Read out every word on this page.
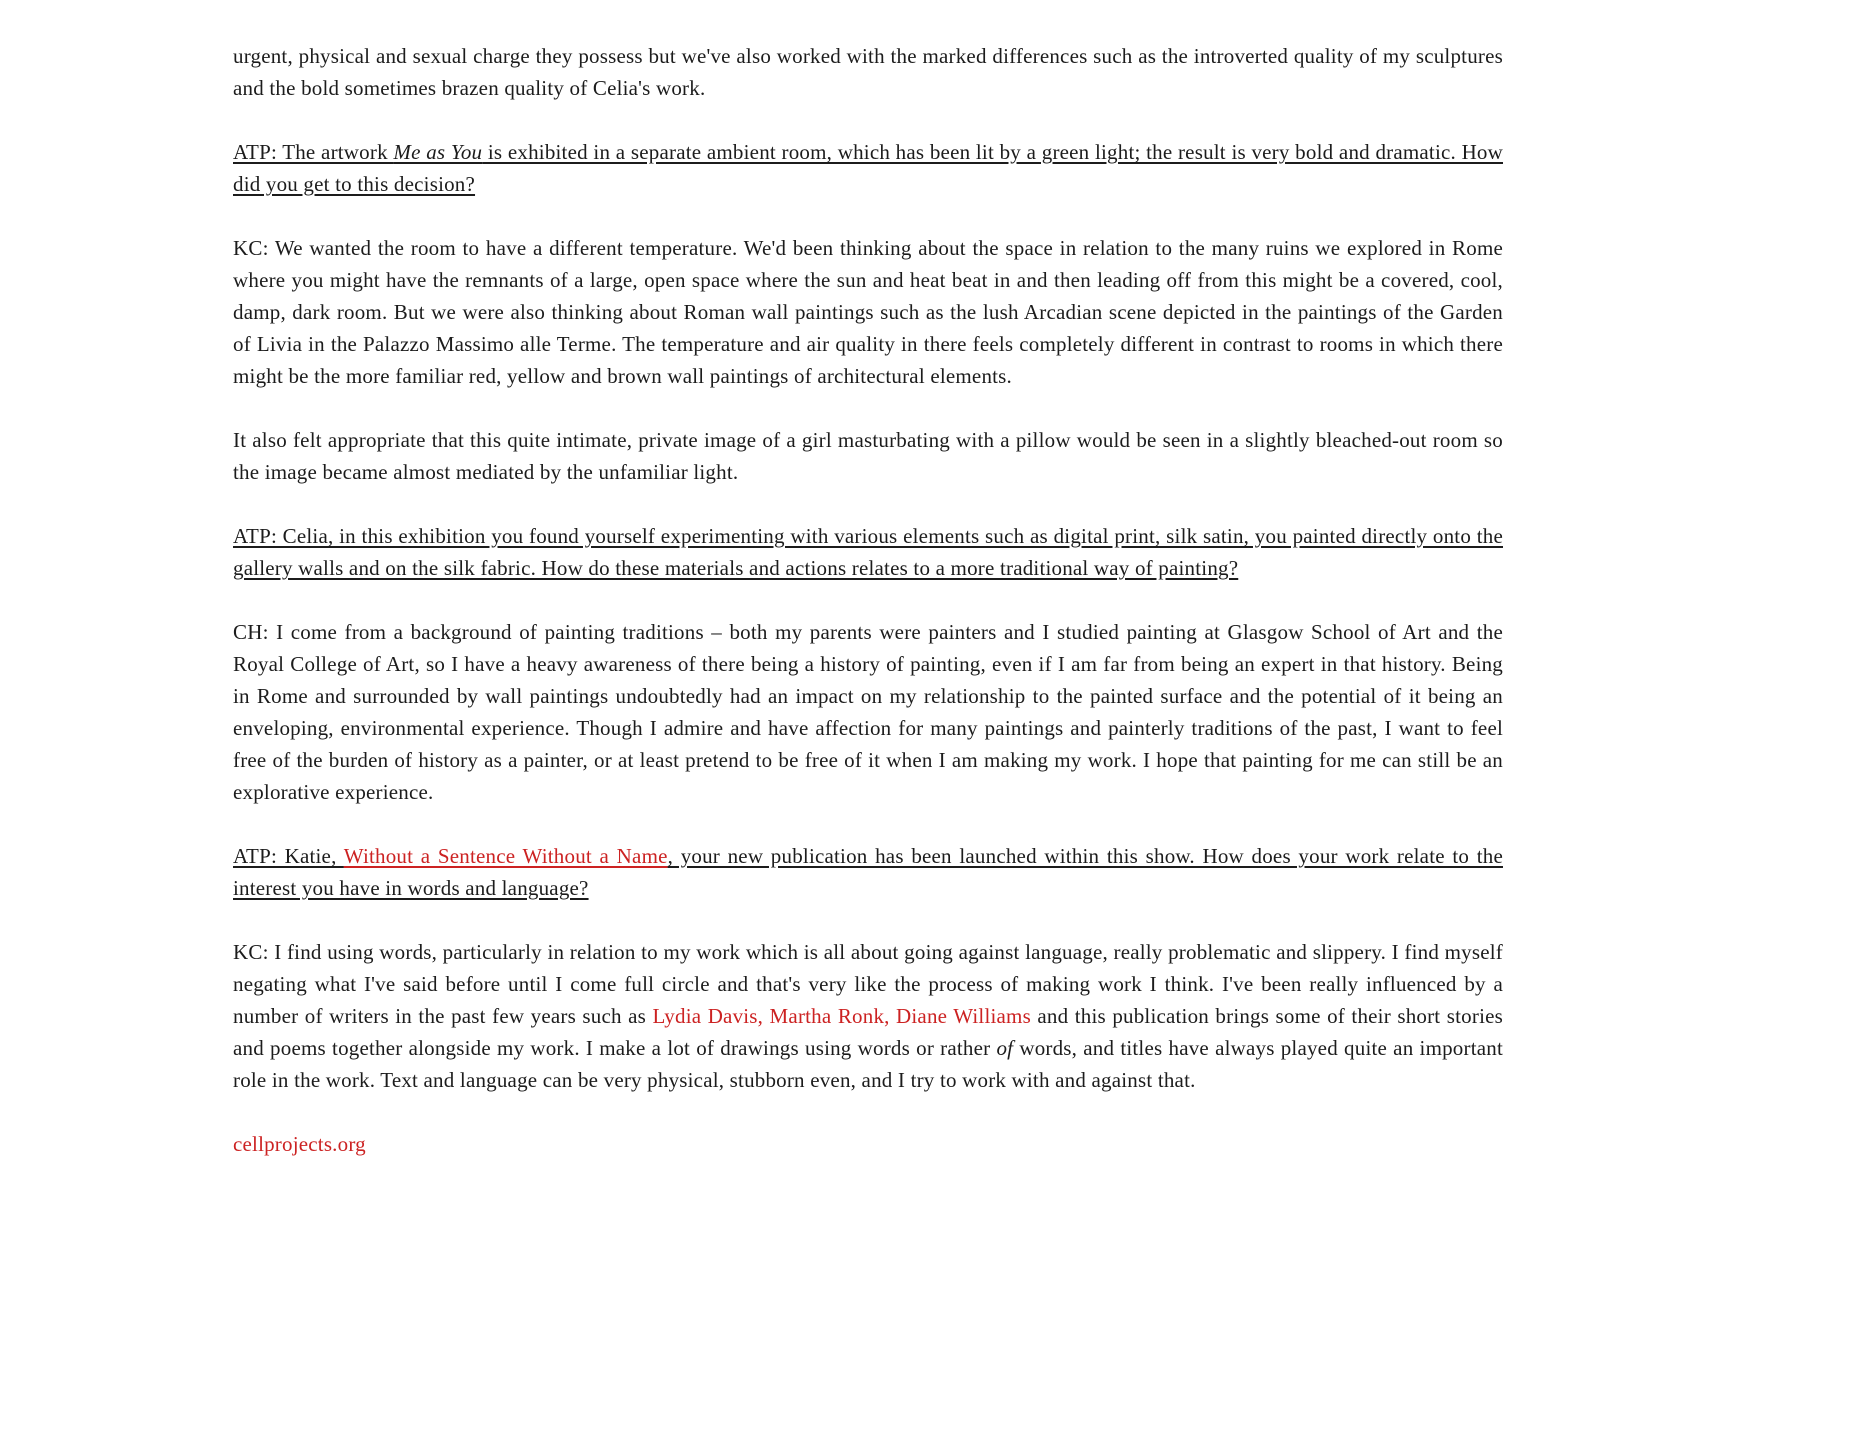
urgent, physical and sexual charge they possess but we've also worked with the marked differences such as the introverted quality of my sculptures and the bold sometimes brazen quality of Celia's work.

ATP: The artwork Me as You is exhibited in a separate ambient room, which has been lit by a green light; the result is very bold and dramatic. How did you get to this decision?

KC: We wanted the room to have a different temperature. We'd been thinking about the space in relation to the many ruins we explored in Rome where you might have the remnants of a large, open space where the sun and heat beat in and then leading off from this might be a covered, cool, damp, dark room. But we were also thinking about Roman wall paintings such as the lush Arcadian scene depicted in the paintings of the Garden of Livia in the Palazzo Massimo alle Terme. The temperature and air quality in there feels completely different in contrast to rooms in which there might be the more familiar red, yellow and brown wall paintings of architectural elements.

It also felt appropriate that this quite intimate, private image of a girl masturbating with a pillow would be seen in a slightly bleached-out room so the image became almost mediated by the unfamiliar light.

ATP: Celia, in this exhibition you found yourself experimenting with various elements such as digital print, silk satin, you painted directly onto the gallery walls and on the silk fabric. How do these materials and actions relates to a more traditional way of painting?

CH: I come from a background of painting traditions – both my parents were painters and I studied painting at Glasgow School of Art and the Royal College of Art, so I have a heavy awareness of there being a history of painting, even if I am far from being an expert in that history. Being in Rome and surrounded by wall paintings undoubtedly had an impact on my relationship to the painted surface and the potential of it being an enveloping, environmental experience. Though I admire and have affection for many paintings and painterly traditions of the past, I want to feel free of the burden of history as a painter, or at least pretend to be free of it when I am making my work. I hope that painting for me can still be an explorative experience.

ATP: Katie, Without a Sentence Without a Name, your new publication has been launched within this show. How does your work relate to the interest you have in words and language?

KC: I find using words, particularly in relation to my work which is all about going against language, really problematic and slippery. I find myself negating what I've said before until I come full circle and that's very like the process of making work I think. I've been really influenced by a number of writers in the past few years such as Lydia Davis, Martha Ronk, Diane Williams and this publication brings some of their short stories and poems together alongside my work. I make a lot of drawings using words or rather of words, and titles have always played quite an important role in the work. Text and language can be very physical, stubborn even, and I try to work with and against that.

cellprojects.org
